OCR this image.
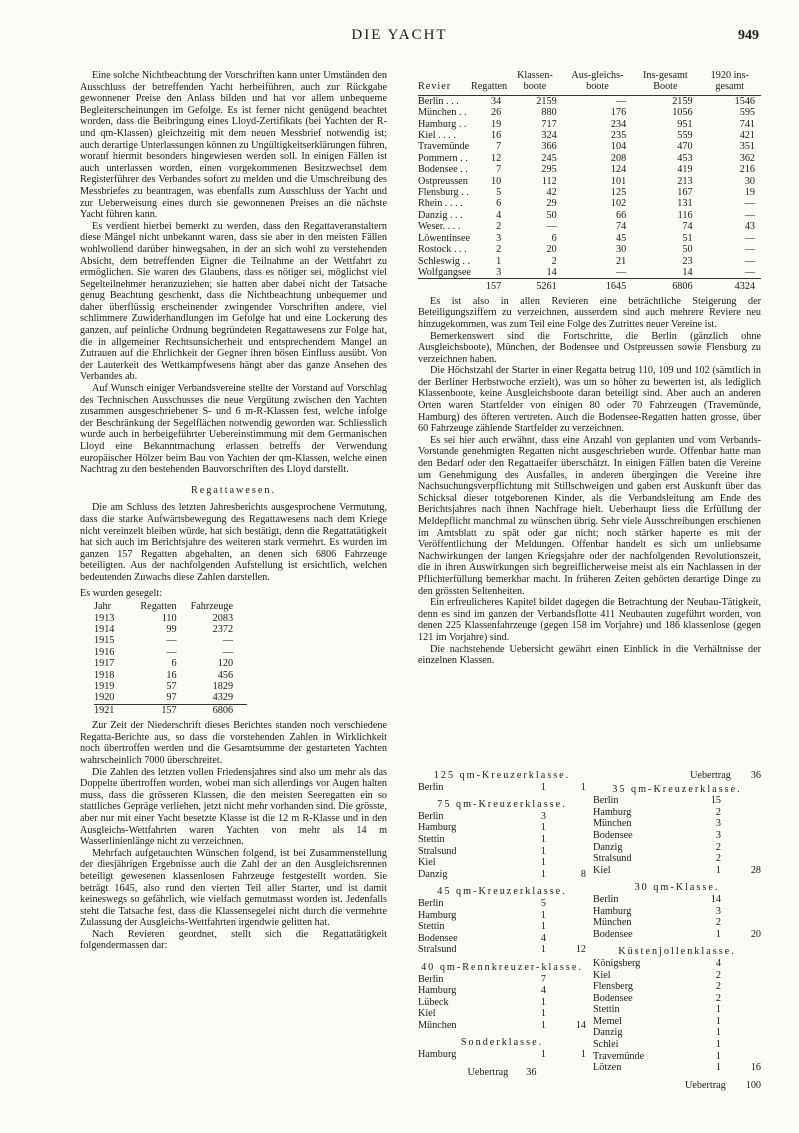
DIE YACHT	949

Eine solche Nichtbeachtung der Vorschriften kann unter Umständen den Ausschluss der betreffenden Yacht herbeiführen, auch zur Rückgabe gewonnener Preise den Anlass bilden und hat vor allem unbequeme Begleiterscheinungen im Gefolge. Es ist ferner nicht genügend beachtet worden, dass die Beibringung eines Lloyd-Zertifikats (bei Yachten der R- und qm-Klassen) gleichzeitig mit dem neuen Messbrief notwendig ist; auch derartige Unterlassungen können zu Ungültigkeitserklärungen führen, worauf hiermit besonders hingewiesen werden soll. In einigen Fällen ist auch unterlassen worden, einen vorgekommenen Besitzwechsel dem Registerführer des Verbandes sofort zu melden und die Umschreibung des Messbriefes zu beantragen, was ebenfalls zum Ausschluss der Yacht und zur Ueberweisung eines durch sie gewonnenen Preises an die nächste Yacht führen kann.

Es verdient hierbei bemerkt zu werden, dass den Regattaveranstaltern diese Mängel nicht unbekannt waren, dass sie aber in den meisten Fällen wohlwollend darüber hinwegsahen, in der an sich wohl zu verstehenden Absicht, dem betreffenden Eigner die Teilnahme an der Wettfahrt zu ermöglichen. Sie waren des Glaubens, dass es nötiger sei, möglichst viel Segelteilnehmer heranzuziehen; sie hatten aber dabei nicht der Tatsache genug Beachtung geschenkt, dass die Nichtbeachtung unbequemer und daher überflüssig erscheinender zwingender Vorschriften andere, viel schlimmere Zuwiderhandlungen im Gefolge hat und eine Lockerung des ganzen, auf peinliche Ordnung begründeten Regattawesens zur Folge hat, die in allgemeiner Rechtsunsicherheit und entsprechendem Mangel an Zutrauen auf die Ehrlichkeit der Gegner ihren bösen Einfluss ausübt. Von der Lauterkeit des Wettkampfwesens hängt aber das ganze Ansehen des Verbandes ab.

Auf Wunsch einiger Verbandsvereine stellte der Vorstand auf Vorschlag des Technischen Ausschusses die neue Vergütung zwischen den Yachten zusammen ausgeschriebener S- und 6 m-R-Klassen fest, welche infolge der Beschränkung der Segelflächen notwendig geworden war. Schliesslich wurde auch in herbeigeführter Uebereinstimmung mit dem Germanischen Lloyd eine Bekanntmachung erlassen betreffs der Verwendung europäischer Hölzer beim Bau von Yachten der qm-Klassen, welche einen Nachtrag zu den bestehenden Bauvorschriften des Lloyd darstellt.

Regattawesen.

Die am Schluss des letzten Jahresberichts ausgesprochene Vermutung, dass die starke Aufwärtsbewegung des Regattawesens nach dem Kriege nicht vereinzelt bleiben würde, hat sich bestätigt, denn die Regattatätigkeit hat sich auch im Berichtsjahre des weiteren stark vermehrt. Es wurden im ganzen 157 Regatten abgehalten, an denen sich 6806 Fahrzeuge beteiligten. Aus der nachfolgenden Aufstellung ist ersichtlich, welchen bedeutenden Zuwachs diese Zahlen darstellen.

Es wurden gesegelt:
Jahr	Regatten	Fahrzeuge
1913	110	2083
1914	99	2372
1915	—	—
1916	—	—
1917	6	120
1918	16	456
1919	57	1829
1920	97	4329
1921	157	6806

Zur Zeit der Niederschrift dieses Berichtes standen noch verschiedene Regatta-Berichte aus, so dass die vorstehenden Zahlen in Wirklichkeit noch übertroffen werden und die Gesamtsumme der gestarteten Yachten wahrscheinlich 7000 überschreitet.

Die Zahlen des letzten vollen Friedensjahres sind also um mehr als das Doppelte übertroffen worden, wobei man sich allerdings vor Augen halten muss, dass die grösseren Klassen, die den meisten Seeregatten ein so stattliches Gepräge verliehen, jetzt nicht mehr vorhanden sind. Die grösste, aber nur mit einer Yacht besetzte Klasse ist die 12 m R-Klasse und in den Ausgleichs-Wettfahrten waren Yachten von mehr als 14 m Wasserlinienlänge nicht zu verzeichnen.

Mehrfach aufgetauchten Wünschen folgend, ist bei Zusammenstellung der diesjährigen Ergebnisse auch die Zahl der an den Ausgleichsrennen beteiligt gewesenen klassenlosen Fahrzeuge festgestellt worden. Sie beträgt 1645, also rund den vierten Teil aller Starter, und ist damit keineswegs so gefährlich, wie vielfach gemutmasst worden ist. Jedenfalls steht die Tatsache fest, dass die Klassensegelei nicht durch die vermehrte Zulassung der Ausgleichs-Wettfahrten irgendwie gelitten hat.

Nach Revieren geordnet, stellt sich die Regattatätigkeit folgendermassen dar:

Revier	Regatten	Klassen-boote	Aus-gleichs-boote	Ins-gesamt Boote	1920 ins-gesamt
Berlin . . .	34	2159	—	2159	1546
München . .	26	880	176	1056	595
Hamburg . .	19	717	234	951	741
Kiel . . . .	16	324	235	559	421
Travemünde	7	366	104	470	351
Pommern . .	12	245	208	453	362
Bodensee . .	7	295	124	419	216
Ostpreussen	10	112	101	213	30
Flensburg . .	5	42	125	167	19
Rhein . . . .	6	29	102	131	—
Danzig . . .	4	50	66	116	—
Weser. . . .	2	—	74	74	43
Löwentinsee	3	6	45	51	—
Rostock . . .	2	20	30	50	—
Schleswig . .	1	2	21	23	—
Wolfgangsee	3	14	—	14	—
	157	5261	1645	6806	4324

Es ist also in allen Revieren eine beträchtliche Steigerung der Beteiligungsziffern zu verzeichnen, ausserdem sind auch mehrere Reviere neu hinzugekommen, was zum Teil eine Folge des Zutrittes neuer Vereine ist.

Bemerkenswert sind die Fortschritte, die Berlin (gänzlich ohne Ausgleichsboote), München, der Bodensee und Ostpreussen sowie Flensburg zu verzeichnen haben.

Die Höchstzahl der Starter in einer Regatta betrug 110, 109 und 102 (sämtlich in der Berliner Herbstwoche erzielt), was um so höher zu bewerten ist, als lediglich Klassenboote, keine Ausgleichsboote daran beteiligt sind. Aber auch an anderen Orten waren Startfelder von einigen 80 oder 70 Fahrzeugen (Travemünde, Hamburg) des öfteren vertreten. Auch die Bodensee-Regatten hatten grosse, über 60 Fahrzeuge zählende Startfelder zu verzeichnen.

Es sei hier auch erwähnt, dass eine Anzahl von geplanten und vom Verbands-Vorstande genehmigten Regatten nicht ausgeschrieben wurde. Offenbar hatte man den Bedarf oder den Regattaeifer überschätzt. In einigen Fällen baten die Vereine um Genehmigung des Ausfalles, in anderen übergingen die Vereine ihre Nachsuchungsverpflichtung mit Stillschweigen und gaben erst Auskunft über das Schicksal dieser totgeborenen Kinder, als die Verbandsleitung am Ende des Berichtsjahres nach ihnen Nachfrage hielt. Ueberhaupt liess die Erfüllung der Meldepflicht manchmal zu wünschen übrig. Sehr viele Ausschreibungen erschienen im Amtsblatt zu spät oder gar nicht; noch stärker haperte es mit der Veröffentlichung der Meldungen. Offenbar handelt es sich um unliebsame Nachwirkungen der langen Kriegsjahre oder der nachfolgenden Revolutionszeit, die in ihren Auswirkungen sich begreiflicherweise meist als ein Nachlassen in der Pflichterfüllung bemerkbar macht. In früheren Zeiten gehörten derartige Dinge zu den grössten Seltenheiten.

Ein erfreulicheres Kapitel bildet dagegen die Betrachtung der Neubau-Tätigkeit, denn es sind im ganzen der Verbandsflotte 411 Neubauten zugeführt worden, von denen 225 Klassenfahrzeuge (gegen 158 im Vorjahre) und 186 klassenlose (gegen 121 im Vorjahre) sind.

Die nachstehende Uebersicht gewährt einen Einblick in die Verhältnisse der einzelnen Klassen.

125 qm-Kreuzerklasse.
Berlin	1	1
75 qm-Kreuzerklasse.
Berlin	3
Hamburg	1
Stettin	1
Stralsund	1
Kiel	1
Danzig	1	8
45 qm-Kreuzerklasse.
Berlin	5
Hamburg	1
Stettin	1
Bodensee	4
Stralsund	1	12
40 qm-Rennkreuzer-klasse.
Berlin	7
Hamburg	4
Lübeck	1
Kiel	1
München	1	14
Sonderklasse.
Hamburg	1	1
Uebertrag 36
Uebertrag 36
35 qm-Kreuzerklasse.
Berlin	15
Hamburg	2
München	3
Bodensee	3
Danzig	2
Stralsund	2
Kiel	1	28
30 qm-Klasse.
Berlin	14
Hamburg	3
München	2
Bodensee	1	20
Küstenjollenklasse.
Königsberg	4
Kiel	2
Flensberg	2
Bodensee	2
Stettin	1
Memel	1
Danzig	1
Schlei	1
Travemünde	1
Lötzen	1	16
Uebertrag 100
